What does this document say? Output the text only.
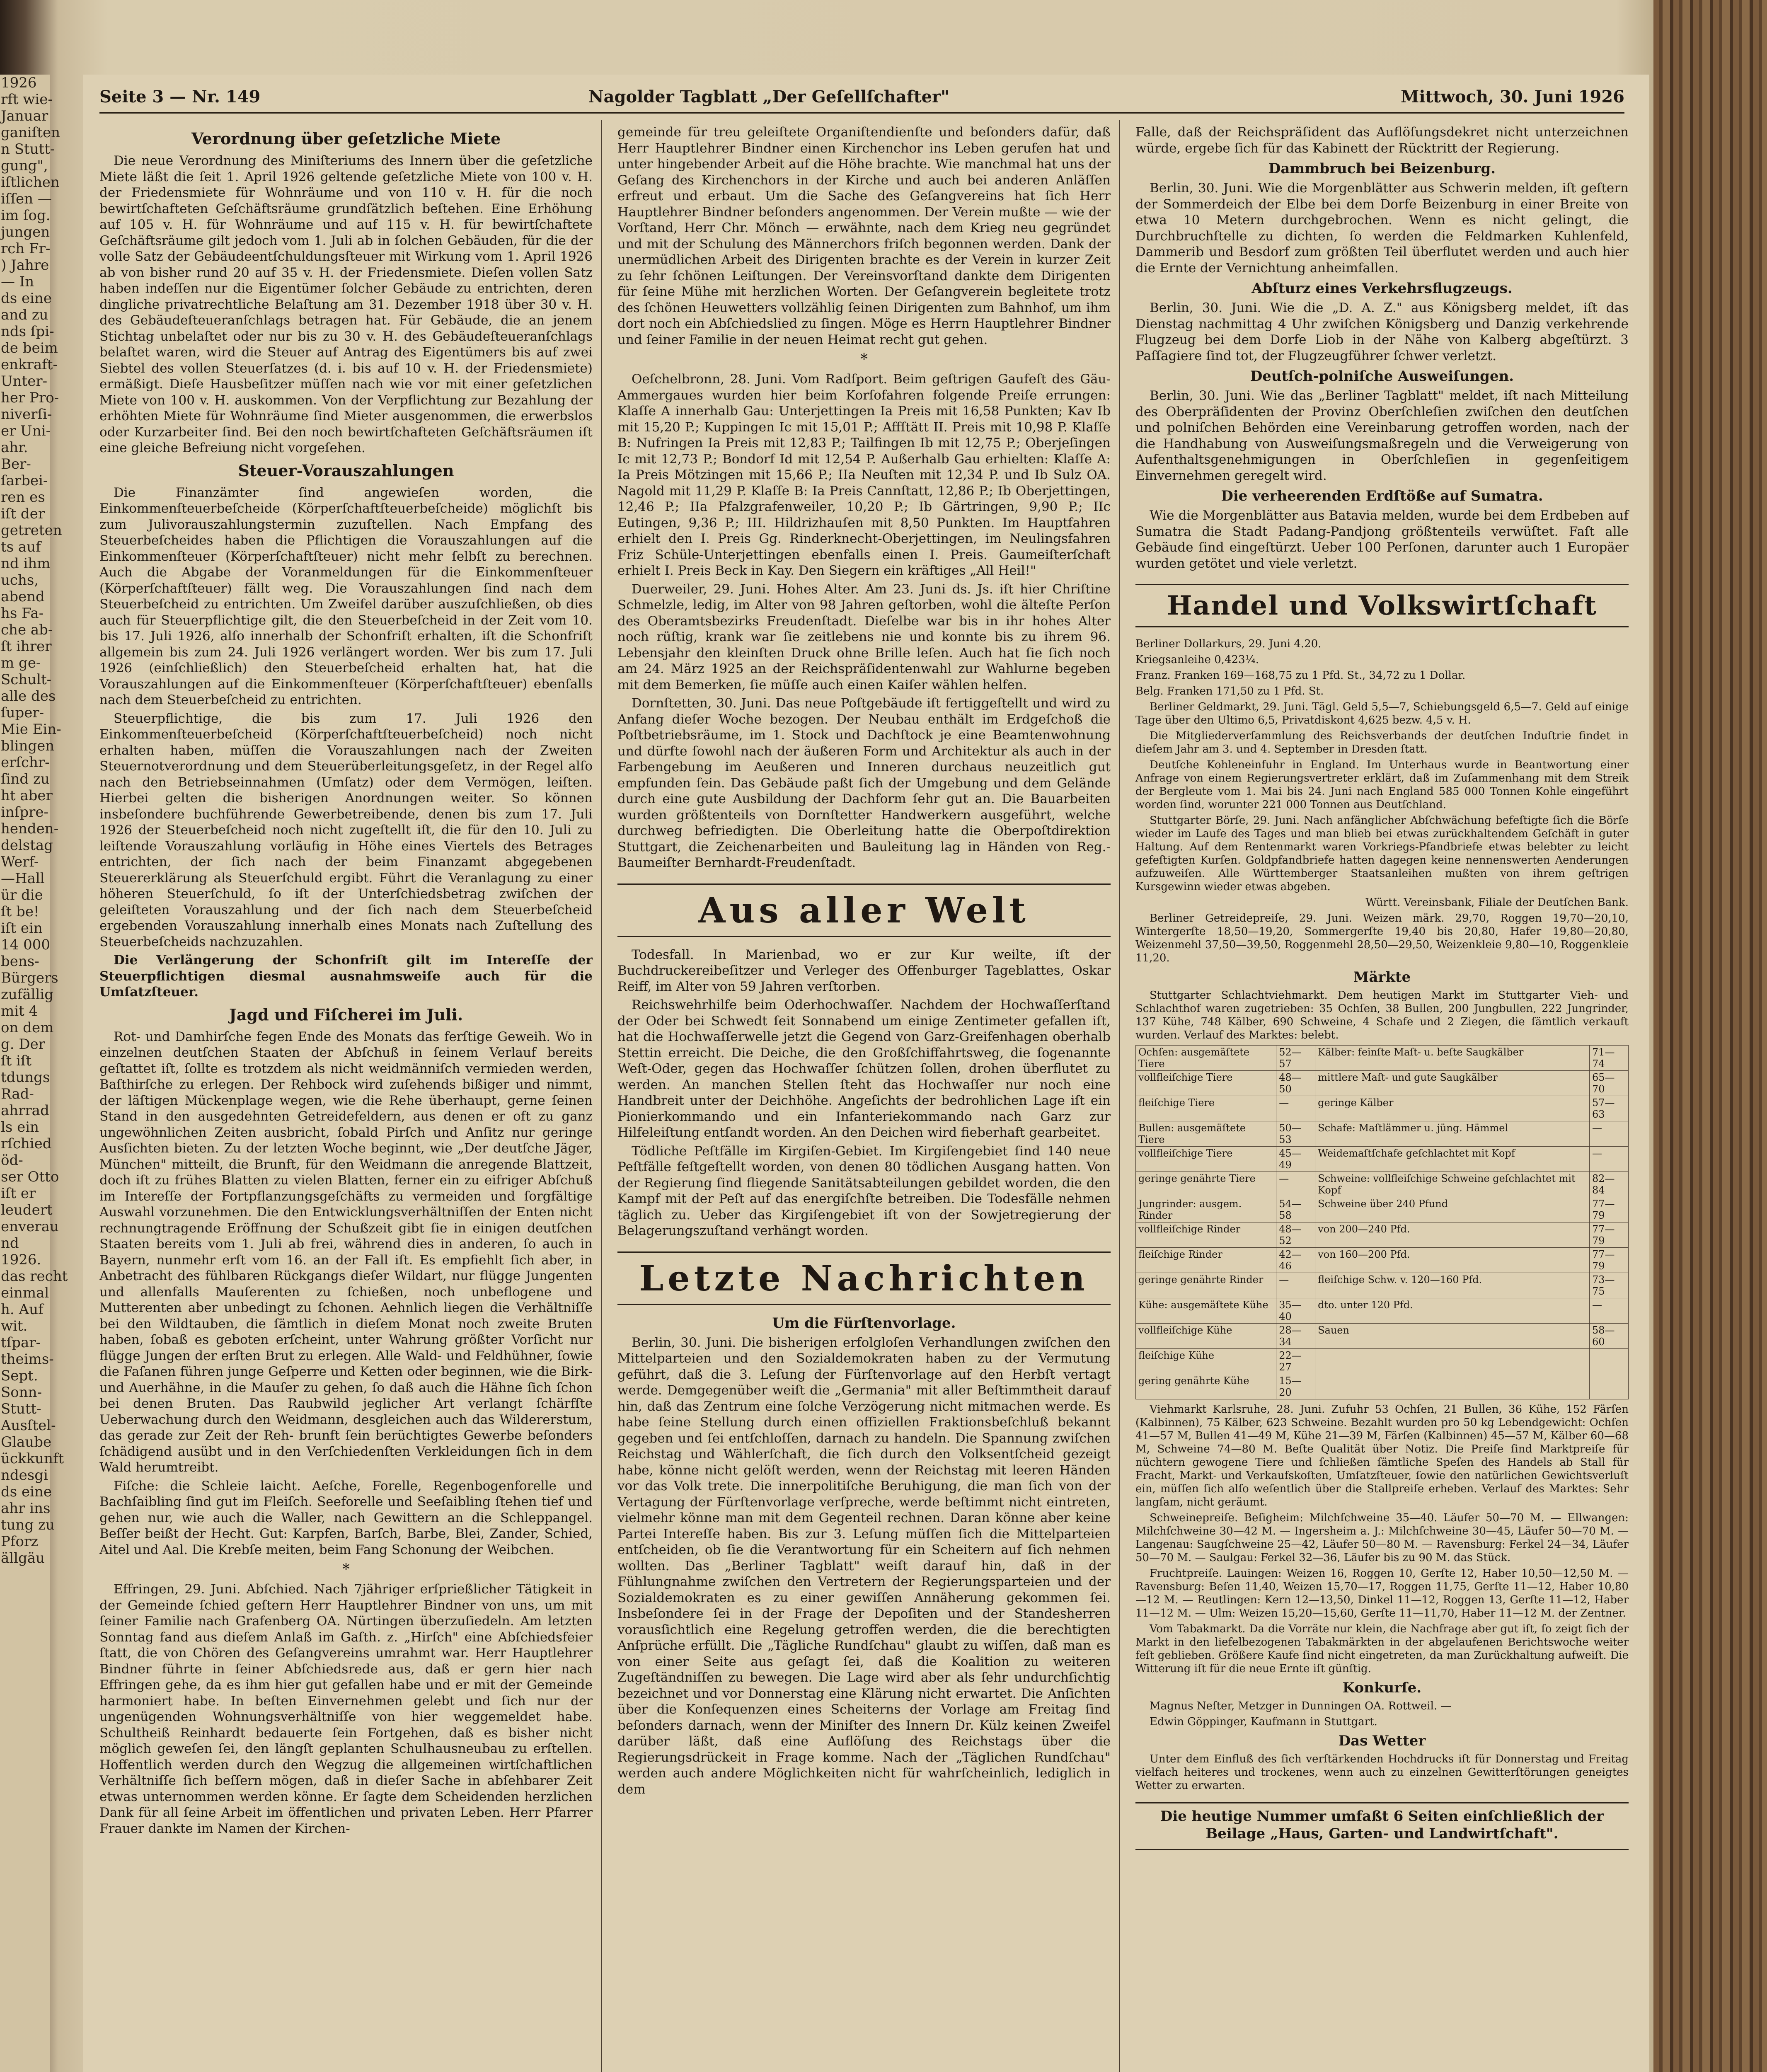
1926
rft wie-
Januar
ganiſten
n Stutt-
gung",
iſtlichen
iſſen —
im ſog.
jungen
rch Fr-
) Jahre
— In
ds eine
and zu
nds ſpi-
de beim
enkraft-
Unter-
her Pro-
niverſi-
er Uni-
ahr.
Ber-
ſarbei-
ren es
iſt der
getreten
ts auf
nd ihm
uchs,
abend
hs Fa-
che ab-
ſt ihrer
m ge-
Schult-
alle des
ſuper-
Mie Ein-
blingen
erſchr-
ſind zu
ht aber
inſpre-
henden-
delstag
Werf-
—Hall
ür die
ſt be!
iſt ein
14 000
bens-
Bürgers
zufällig
mit 4
on dem
g. Der
ſt iſt
tdungs
Rad-
ahrrad
ls ein
rſchied
öd-
ser Otto
iſt er
leudert
enverau
nd
1926.
das recht
einmal
h. Auf
wit.
tſpar-
theims-
Sept.
Sonn-
Stutt-
Ausſtel-
Glaube
ückkunft
ndesgi
ds eine
ahr ins
tung zu
Pforz
ällgäu
Seite 3 — Nr. 149	Nagolder Tagblatt „Der Geſellſchafter"	Mittwoch, 30. Juni 1926
Verordnung über geſetzliche Miete

Die neue Verordnung des Miniſteriums des Innern über die geſetzliche Miete läßt die ſeit 1. April 1926 geltende geſetzliche Miete von 100 v. H. der Friedensmiete für Wohnräume und von 110 v. H. für die noch bewirtſchafteten Geſchäftsräume grundſätzlich beſtehen. Eine Erhöhung auf 105 v. H. für Wohnräume und auf 115 v. H. für bewirtſchaftete Geſchäftsräume gilt jedoch vom 1. Juli ab in ſolchen Gebäuden, für die der volle Satz der Gebäudeentſchuldungsſteuer mit Wirkung vom 1. April 1926 ab von bisher rund 20 auf 35 v. H. der Friedensmiete. Dieſen vollen Satz haben indeſſen nur die Eigentümer ſolcher Gebäude zu entrichten, deren dingliche privatrechtliche Belaſtung am 31. Dezember 1918 über 30 v. H. des Gebäudeſteueranſchlags betragen hat. Für Gebäude, die an jenem Stichtag unbelaſtet oder nur bis zu 30 v. H. des Gebäudeſteueranſchlags belaſtet waren, wird die Steuer auf Antrag des Eigentümers bis auf zwei Siebtel des vollen Steuerſatzes (d. i. bis auf 10 v. H. der Friedensmiete) ermäßigt. Dieſe Hausbeſitzer müſſen nach wie vor mit einer geſetzlichen Miete von 100 v. H. auskommen. Von der Verpflichtung zur Bezahlung der erhöhten Miete für Wohnräume ſind Mieter ausgenommen, die erwerbslos oder Kurzarbeiter ſind. Bei den noch bewirtſchafteten Geſchäftsräumen iſt eine gleiche Befreiung nicht vorgeſehen.

Steuer-Vorauszahlungen

Die Finanzämter ſind angewieſen worden, die Einkommenſteuerbeſcheide (Körperſchaftſteuerbeſcheide) möglichſt bis zum Julivorauszahlungstermin zuzuſtellen. Nach Empfang des Steuerbeſcheides haben die Pflichtigen die Vorauszahlungen auf die Einkommenſteuer (Körperſchaftſteuer) nicht mehr ſelbſt zu berechnen. Auch die Abgabe der Voranmeldungen für die Einkommenſteuer (Körperſchaftſteuer) fällt weg. Die Vorauszahlungen ſind nach dem Steuerbeſcheid zu entrichten. Um Zweifel darüber auszuſchließen, ob dies auch für Steuerpflichtige gilt, die den Steuerbeſcheid in der Zeit vom 10. bis 17. Juli 1926, alſo innerhalb der Schonfriſt erhalten, iſt die Schonfriſt allgemein bis zum 24. Juli 1926 verlängert worden. Wer bis zum 17. Juli 1926 (einſchließlich) den Steuerbeſcheid erhalten hat, hat die Vorauszahlungen auf die Einkommenſteuer (Körperſchaftſteuer) ebenſalls nach dem Steuerbeſcheid zu entrichten.

Steuerpflichtige, die bis zum 17. Juli 1926 den Einkommenſteuerbeſcheid (Körperſchaftſteuerbeſcheid) noch nicht erhalten haben, müſſen die Vorauszahlungen nach der Zweiten Steuernotverordnung und dem Steuerüberleitungsgeſetz, in der Regel alſo nach den Betriebseinnahmen (Umſatz) oder dem Vermögen, leiſten. Hierbei gelten die bisherigen Anordnungen weiter. So können insbeſondere buchführende Gewerbetreibende, denen bis zum 17. Juli 1926 der Steuerbeſcheid noch nicht zugeſtellt iſt, die für den 10. Juli zu leiſtende Vorauszahlung vorläufig in Höhe eines Viertels des Betrages entrichten, der ſich nach der beim Finanzamt abgegebenen Steuererklärung als Steuerſchuld ergibt. Führt die Veranlagung zu einer höheren Steuerſchuld, ſo iſt der Unterſchiedsbetrag zwiſchen der geleiſteten Vorauszahlung und der ſich nach dem Steuerbeſcheid ergebenden Vorauszahlung innerhalb eines Monats nach Zuſtellung des Steuerbeſcheids nachzuzahlen.

Die Verlängerung der Schonfriſt gilt im Intereſſe der Steuerpflichtigen diesmal ausnahmsweiſe auch für die Umſatzſteuer.

Jagd und Fiſcherei im Juli.

Rot- und Damhirſche fegen Ende des Monats das ferſtige Geweih. Wo in einzelnen deutſchen Staaten der Abſchuß in ſeinem Verlauf bereits geſtattet iſt, ſollte es trotzdem als nicht weidmänniſch vermieden werden, Baſthirſche zu erlegen. Der Rehbock wird zuſehends bißiger und nimmt, der läſtigen Mückenplage wegen, wie die Rehe überhaupt, gerne ſeinen Stand in den ausgedehnten Getreidefeldern, aus denen er oft zu ganz ungewöhnlichen Zeiten ausbricht, ſobald Pirſch und Anſitz nur geringe Ausſichten bieten. Zu der letzten Woche beginnt, wie „Der deutſche Jäger, München" mitteilt, die Brunft, für den Weidmann die anregende Blattzeit, doch iſt zu frühes Blatten zu vielen Blatten, ferner ein zu eifriger Abſchuß im Intereſſe der Fortpflanzungsgeſchäfts zu vermeiden und ſorgfältige Auswahl vorzunehmen. Die den Entwicklungsverhältniſſen der Enten nicht rechnungtragende Eröffnung der Schußzeit gibt ſie in einigen deutſchen Staaten bereits vom 1. Juli ab frei, während dies in anderen, ſo auch in Bayern, nunmehr erſt vom 16. an der Fall iſt. Es empfiehlt ſich aber, in Anbetracht des fühlbaren Rückgangs dieſer Wildart, nur flügge Jungenten und allenfalls Mauſerenten zu ſchießen, noch unbeflogene und Mutterenten aber unbedingt zu ſchonen. Aehnlich liegen die Verhältniſſe bei den Wildtauben, die ſämtlich in dieſem Monat noch zweite Bruten haben, ſobaß es geboten erſcheint, unter Wahrung größter Vorſicht nur flügge Jungen der erſten Brut zu erlegen. Alle Wald- und Feldhühner, ſowie die Faſanen führen junge Geſperre und Ketten oder beginnen, wie die Birk- und Auerhähne, in die Mauſer zu gehen, ſo daß auch die Hähne ſich ſchon bei denen Bruten. Das Raubwild jeglicher Art verlangt ſchärfſte Ueberwachung durch den Weidmann, desgleichen auch das Wildererstum, das gerade zur Zeit der Reh- brunft ſein berüchtigtes Gewerbe beſonders ſchädigend ausübt und in den Verſchiedenſten Verkleidungen ſich in dem Wald herumtreibt.

Fiſche: die Schleie laicht. Aeſche, Forelle, Regenbogenforelle und Bachſaibling ſind gut im Fleiſch. Seeforelle und Seeſaibling ſtehen tief und gehen nur, wie auch die Waller, nach Gewittern an die Schleppangel. Beſſer beißt der Hecht. Gut: Karpfen, Barſch, Barbe, Blei, Zander, Schied, Aitel und Aal. Die Krebſe meiten, beim Fang Schonung der Weibchen.

*

Effringen, 29. Juni. Abſchied. Nach 7jähriger erſprießlicher Tätigkeit in der Gemeinde ſchied geſtern Herr Hauptlehrer Bindner von uns, um mit ſeiner Familie nach Grafenberg OA. Nürtingen überzuſiedeln. Am letzten Sonntag fand aus dieſem Anlaß im Gaſth. z. „Hirſch" eine Abſchiedsfeier ſtatt, die von Chören des Geſangvereins umrahmt war. Herr Hauptlehrer Bindner führte in ſeiner Abſchiedsrede aus, daß er gern hier nach Effringen gehe, da es ihm hier gut gefallen habe und er mit der Gemeinde harmoniert habe. In beſten Einvernehmen gelebt und ſich nur der ungenügenden Wohnungsverhältniſſe von hier weggemeldet habe. Schultheiß Reinhardt bedauerte ſein Fortgehen, daß es bisher nicht möglich geweſen ſei, den längſt geplanten Schulhausneubau zu erſtellen. Hoffentlich werden durch den Wegzug die allgemeinen wirtſchaftlichen Verhältniſſe ſich beſſern mögen, daß in dieſer Sache in abſehbarer Zeit etwas unternommen werden könne. Er ſagte dem Scheidenden herzlichen Dank für all ſeine Arbeit im öffentlichen und privaten Leben. Herr Pfarrer Frauer dankte im Namen der Kirchen-

gemeinde für treu geleiſtete Organiſtendienſte und beſonders dafür, daß Herr Hauptlehrer Bindner einen Kirchenchor ins Leben gerufen hat und unter hingebender Arbeit auf die Höhe brachte. Wie manchmal hat uns der Geſang des Kirchenchors in der Kirche und auch bei anderen Anläſſen erfreut und erbaut. Um die Sache des Geſangvereins hat ſich Herr Hauptlehrer Bindner beſonders angenommen. Der Verein mußte — wie der Vorſtand, Herr Chr. Mönch — erwähnte, nach dem Krieg neu gegründet und mit der Schulung des Männerchors friſch begonnen werden. Dank der unermüdlichen Arbeit des Dirigenten brachte es der Verein in kurzer Zeit zu ſehr ſchönen Leiſtungen. Der Vereinsvorſtand dankte dem Dirigenten für ſeine Mühe mit herzlichen Worten. Der Geſangverein begleitete trotz des ſchönen Heuwetters vollzählig ſeinen Dirigenten zum Bahnhof, um ihm dort noch ein Abſchiedslied zu ſingen. Möge es Herrn Hauptlehrer Bindner und ſeiner Familie in der neuen Heimat recht gut gehen.

*

Oeſchelbronn, 28. Juni. Vom Radſport. Beim geſtrigen Gaufeſt des Gäu-Ammergaues wurden hier beim Korſofahren folgende Preiſe errungen: Klaſſe A innerhalb Gau: Unterjettingen Ia Preis mit 16,58 Punkten; Kav Ib mit 15,20 P.; Kuppingen Ic mit 15,01 P.; Affſtätt II. Preis mit 10,98 P. Klaſſe B: Nufringen Ia Preis mit 12,83 P.; Tailfingen Ib mit 12,75 P.; Oberjeſingen Ic mit 12,73 P.; Bondorf Id mit 12,54 P. Außerhalb Gau erhielten: Klaſſe A: Ia Preis Mötzingen mit 15,66 P.; IIa Neuſten mit 12,34 P. und Ib Sulz OA. Nagold mit 11,29 P. Klaſſe B: Ia Preis Cannſtatt, 12,86 P.; Ib Oberjettingen, 12,46 P.; IIa Pfalzgrafenweiler, 10,20 P.; Ib Gärtringen, 9,90 P.; IIc Eutingen, 9,36 P.; III. Hildrizhauſen mit 8,50 Punkten. Im Hauptfahren erhielt den I. Preis Gg. Rinderknecht-Oberjettingen, im Neulingsfahren Friz Schüle-Unterjettingen ebenfalls einen I. Preis. Gaumeiſterſchaft erhielt I. Preis Beck in Kay. Den Siegern ein kräftiges „All Heil!"

Duerweiler, 29. Juni. Hohes Alter. Am 23. Juni ds. Js. iſt hier Chriſtine Schmelzle, ledig, im Alter von 98 Jahren geſtorben, wohl die älteſte Perſon des Oberamtsbezirks Freudenſtadt. Dieſelbe war bis in ihr hohes Alter noch rüſtig, krank war ſie zeitlebens nie und konnte bis zu ihrem 96. Lebensjahr den kleinſten Druck ohne Brille leſen. Auch hat ſie ſich noch am 24. März 1925 an der Reichspräſidentenwahl zur Wahlurne begeben mit dem Bemerken, ſie müſſe auch einen Kaiſer wählen helfen.

Dornſtetten, 30. Juni. Das neue Poſtgebäude iſt fertiggeſtellt und wird zu Anfang dieſer Woche bezogen. Der Neubau enthält im Erdgeſchoß die Poſtbetriebsräume, im 1. Stock und Dachſtock je eine Beamtenwohnung und dürfte ſowohl nach der äußeren Form und Architektur als auch in der Farbengebung im Aeußeren und Inneren durchaus neuzeitlich gut empfunden ſein. Das Gebäude paßt ſich der Umgebung und dem Gelände durch eine gute Ausbildung der Dachform ſehr gut an. Die Bauarbeiten wurden größtenteils von Dornſtetter Handwerkern ausgeführt, welche durchweg befriedigten. Die Oberleitung hatte die Oberpoſtdirektion Stuttgart, die Zeichenarbeiten und Bauleitung lag in Händen von Reg.-Baumeiſter Bernhardt-Freudenſtadt.

Aus aller Welt

Todesfall. In Marienbad, wo er zur Kur weilte, iſt der Buchdruckereibeſitzer und Verleger des Offenburger Tageblattes, Oskar Reiff, im Alter von 59 Jahren verſtorben.

Reichswehrhilfe beim Oderhochwaſſer. Nachdem der Hochwaſſerſtand der Oder bei Schwedt ſeit Sonnabend um einige Zentimeter gefallen iſt, hat die Hochwaſſerwelle jetzt die Gegend von Garz-Greifenhagen oberhalb Stettin erreicht. Die Deiche, die den Großſchiffahrtsweg, die ſogenannte Weſt-Oder, gegen das Hochwaſſer ſchützen ſollen, drohen überflutet zu werden. An manchen Stellen ſteht das Hochwaſſer nur noch eine Handbreit unter der Deichhöhe. Angeſichts der bedrohlichen Lage iſt ein Pionierkommando und ein Infanteriekommando nach Garz zur Hilfeleiſtung entſandt worden. An den Deichen wird fieberhaft gearbeitet.

Tödliche Peſtfälle im Kirgiſen-Gebiet. Im Kirgiſengebiet ſind 140 neue Peſtfälle feſtgeſtellt worden, von denen 80 tödlichen Ausgang hatten. Von der Regierung ſind fliegende Sanitätsabteilungen gebildet worden, die den Kampf mit der Peſt auf das energiſchſte betreiben. Die Todesfälle nehmen täglich zu. Ueber das Kirgiſengebiet iſt von der Sowjetregierung der Belagerungszuſtand verhängt worden.

Letzte Nachrichten
Um die Fürſtenvorlage.

Berlin, 30. Juni. Die bisherigen erfolgloſen Verhandlungen zwiſchen den Mittelparteien und den Sozialdemokraten haben zu der Vermutung geführt, daß die 3. Leſung der Fürſtenvorlage auf den Herbſt vertagt werde. Demgegenüber weiſt die „Germania" mit aller Beſtimmtheit darauf hin, daß das Zentrum eine ſolche Verzögerung nicht mitmachen werde. Es habe ſeine Stellung durch einen offiziellen Fraktionsbeſchluß bekannt gegeben und ſei entſchloſſen, darnach zu handeln. Die Spannung zwiſchen Reichstag und Wählerſchaft, die ſich durch den Volksentſcheid gezeigt habe, könne nicht gelöſt werden, wenn der Reichstag mit leeren Händen vor das Volk trete. Die innerpolitiſche Beruhigung, die man ſich von der Vertagung der Fürſtenvorlage verſpreche, werde beſtimmt nicht eintreten, vielmehr könne man mit dem Gegenteil rechnen. Daran könne aber keine Partei Intereſſe haben. Bis zur 3. Leſung müſſen ſich die Mittelparteien entſcheiden, ob ſie die Verantwortung für ein Scheitern auf ſich nehmen wollten. Das „Berliner Tagblatt" weiſt darauf hin, daß in der Fühlungnahme zwiſchen den Vertretern der Regierungsparteien und der Sozialdemokraten es zu einer gewiſſen Annäherung gekommen ſei. Insbeſondere ſei in der Frage der Depoſiten und der Standesherren vorausſichtlich eine Regelung getroffen werden, die die berechtigten Anſprüche erfüllt. Die „Tägliche Rundſchau" glaubt zu wiſſen, daß man es von einer Seite aus geſagt ſei, daß die Koalition zu weiteren Zugeſtändniſſen zu bewegen. Die Lage wird aber als ſehr undurchſichtig bezeichnet und vor Donnerstag eine Klärung nicht erwartet. Die Anſichten über die Konſequenzen eines Scheiterns der Vorlage am Freitag ſind beſonders darnach, wenn der Miniſter des Innern Dr. Külz keinen Zweifel darüber läßt, daß eine Auflöſung des Reichstags über die Regierungsdrückeit in Frage komme. Nach der „Täglichen Rundſchau" werden auch andere Möglichkeiten nicht für wahrſcheinlich, lediglich in dem

Falle, daß der Reichspräſident das Auflöſungsdekret nicht unterzeichnen würde, ergebe ſich für das Kabinett der Rücktritt der Regierung.

Dammbruch bei Beizenburg.

Berlin, 30. Juni. Wie die Morgenblätter aus Schwerin melden, iſt geſtern der Sommerdeich der Elbe bei dem Dorfe Beizenburg in einer Breite von etwa 10 Metern durchgebrochen. Wenn es nicht gelingt, die Durchbruchſtelle zu dichten, ſo werden die Feldmarken Kuhlenfeld, Dammerib und Besdorf zum größten Teil überflutet werden und auch hier die Ernte der Vernichtung anheimfallen.

Abſturz eines Verkehrsflugzeugs.

Berlin, 30. Juni. Wie die „D. A. Z." aus Königsberg meldet, iſt das Dienstag nachmittag 4 Uhr zwiſchen Königsberg und Danzig verkehrende Flugzeug bei dem Dorfe Liob in der Nähe von Kalberg abgeſtürzt. 3 Paſſagiere ſind tot, der Flugzeugführer ſchwer verletzt.

Deutſch-polniſche Ausweiſungen.

Berlin, 30. Juni. Wie das „Berliner Tagblatt" meldet, iſt nach Mitteilung des Oberpräſidenten der Provinz Oberſchleſien zwiſchen den deutſchen und polniſchen Behörden eine Vereinbarung getroffen worden, nach der die Handhabung von Ausweiſungsmaßregeln und die Verweigerung von Aufenthaltsgenehmigungen in Oberſchleſien in gegenſeitigem Einvernehmen geregelt wird.

Die verheerenden Erdſtöße auf Sumatra.

Wie die Morgenblätter aus Batavia melden, wurde bei dem Erdbeben auf Sumatra die Stadt Padang-Pandjong größtenteils verwüſtet. Faſt alle Gebäude ſind eingeſtürzt. Ueber 100 Perſonen, darunter auch 1 Europäer wurden getötet und viele verletzt.

Handel und Volkswirtſchaft

Berliner Dollarkurs, 29. Juni 4.20.

Kriegsanleihe 0,423¼.

Franz. Franken 169—168,75 zu 1 Pfd. St., 34,72 zu 1 Dollar.

Belg. Franken 171,50 zu 1 Pfd. St.

Berliner Geldmarkt, 29. Juni. Tägl. Geld 5,5—7, Schiebungsgeld 6,5—7. Geld auf einige Tage über den Ultimo 6,5, Privatdiskont 4,625 bezw. 4,5 v. H.

Die Mitgliederverſammlung des Reichsverbands der deutſchen Induſtrie findet in dieſem Jahr am 3. und 4. September in Dresden ſtatt.

Deutſche Kohleneinfuhr in England. Im Unterhaus wurde in Beantwortung einer Anfrage von einem Regierungsvertreter erklärt, daß im Zuſammenhang mit dem Streik der Bergleute vom 1. Mai bis 24. Juni nach England 585 000 Tonnen Kohle eingeführt worden ſind, worunter 221 000 Tonnen aus Deutſchland.

Stuttgarter Börſe, 29. Juni. Nach anfänglicher Abſchwächung befeſtigte ſich die Börſe wieder im Laufe des Tages und man blieb bei etwas zurückhaltendem Geſchäft in guter Haltung. Auf dem Rentenmarkt waren Vorkriegs-Pfandbriefe etwas belebter zu leicht gefeſtigten Kurſen. Goldpfandbriefe hatten dagegen keine nennenswerten Aenderungen aufzuweiſen. Alle Württemberger Staatsanleihen mußten von ihrem geſtrigen Kursgewinn wieder etwas abgeben.

Württ. Vereinsbank, Filiale der Deutſchen Bank.

Berliner Getreidepreiſe, 29. Juni. Weizen märk. 29,70, Roggen 19,70—20,10, Wintergerſte 18,50—19,20, Sommergerſte 19,40 bis 20,80, Hafer 19,80—20,80, Weizenmehl 37,50—39,50, Roggenmehl 28,50—29,50, Weizenkleie 9,80—10, Roggenkleie 11,20.

Märkte

Stuttgarter Schlachtviehmarkt. Dem heutigen Markt im Stuttgarter Vieh- und Schlachthof waren zugetrieben: 35 Ochſen, 38 Bullen, 200 Jungbullen, 222 Jungrinder, 137 Kühe, 748 Kälber, 690 Schweine, 4 Schafe und 2 Ziegen, die ſämtlich verkauft wurden. Verlauf des Marktes: belebt.

Ochſen: ausgemäſtete Tiere	52—57	Kälber: feinſte Maſt- u. beſte Saugkälber	71—74
vollfleiſchige Tiere	48—50	mittlere Maſt- und gute Saugkälber	65—70
fleiſchige Tiere	—	geringe Kälber	57—63
Bullen: ausgemäſtete Tiere	50—53	Schafe: Maſtlämmer u. jüng. Hämmel	—
vollfleiſchige Tiere	45—49	Weidemaſtſchafe geſchlachtet mit Kopf	—
geringe genährte Tiere	—	Schweine: vollfleiſchige Schweine geſchlachtet mit Kopf	82—84
Jungrinder: ausgem. Rinder	54—58	Schweine über 240 Pfund	77—79
vollfleiſchige Rinder	48—52	von 200—240 Pfd.	77—79
fleiſchige Rinder	42—46	von 160—200 Pfd.	77—79
geringe genährte Rinder	—	fleiſchige Schw. v. 120—160 Pfd.	73—75
Kühe: ausgemäſtete Kühe	35—40	dto. unter 120 Pfd.	—
vollfleiſchige Kühe	28—34	Sauen	58—60
fleiſchige Kühe	22—27		
gering genährte Kühe	15—20		

Viehmarkt Karlsruhe, 28. Juni. Zufuhr 53 Ochſen, 21 Bullen, 36 Kühe, 152 Färſen (Kalbinnen), 75 Kälber, 623 Schweine. Bezahlt wurden pro 50 kg Lebendgewicht: Ochſen 41—57 M, Bullen 41—49 M, Kühe 21—39 M, Färſen (Kalbinnen) 45—57 M, Kälber 60—68 M, Schweine 74—80 M. Beſte Qualität über Notiz. Die Preiſe ſind Marktpreiſe für nüchtern gewogene Tiere und ſchließen ſämtliche Speſen des Handels ab Stall für Fracht, Markt- und Verkaufskoſten, Umſatzſteuer, ſowie den natürlichen Gewichtsverluſt ein, müſſen ſich alſo weſentlich über die Stallpreiſe erheben. Verlauf des Marktes: Sehr langſam, nicht geräumt.

Schweinepreiſe. Beſigheim: Milchſchweine 35—40. Läufer 50—70 M. — Ellwangen: Milchſchweine 30—42 M. — Ingersheim a. J.: Milchſchweine 30—45, Läufer 50—70 M. — Langenau: Saugſchweine 25—42, Läufer 50—80 M. — Ravensburg: Ferkel 24—34, Läufer 50—70 M. — Saulgau: Ferkel 32—36, Läufer bis zu 90 M. das Stück.

Fruchtpreiſe. Lauingen: Weizen 16, Roggen 10, Gerſte 12, Haber 10,50—12,50 M. — Ravensburg: Beſen 11,40, Weizen 15,70—17, Roggen 11,75, Gerſte 11—12, Haber 10,80—12 M. — Reutlingen: Kern 12—13,50, Dinkel 11—12, Roggen 13, Gerſte 11—12, Haber 11—12 M. — Ulm: Weizen 15,20—15,60, Gerſte 11—11,70, Haber 11—12 M. der Zentner.

Vom Tabakmarkt. Da die Vorräte nur klein, die Nachfrage aber gut iſt, ſo zeigt ſich der Markt in den liefelbezogenen Tabakmärkten in der abgelaufenen Berichtswoche weiter feſt geblieben. Größere Kaufe ſind nicht eingetreten, da man Zurückhaltung aufweiſt. Die Witterung iſt für die neue Ernte iſt günſtig.

Konkurſe.

Magnus Neſter, Metzger in Dunningen OA. Rottweil. —

Edwin Göppinger, Kaufmann in Stuttgart.

Das Wetter

Unter dem Einfluß des ſich verſtärkenden Hochdrucks iſt für Donnerstag und Freitag vielfach heiteres und trockenes, wenn auch zu einzelnen Gewitterſtörungen geneigtes Wetter zu erwarten.

Die heutige Nummer umfaßt 6 Seiten einſchließlich der Beilage „Haus, Garten- und Landwirtſchaft".
